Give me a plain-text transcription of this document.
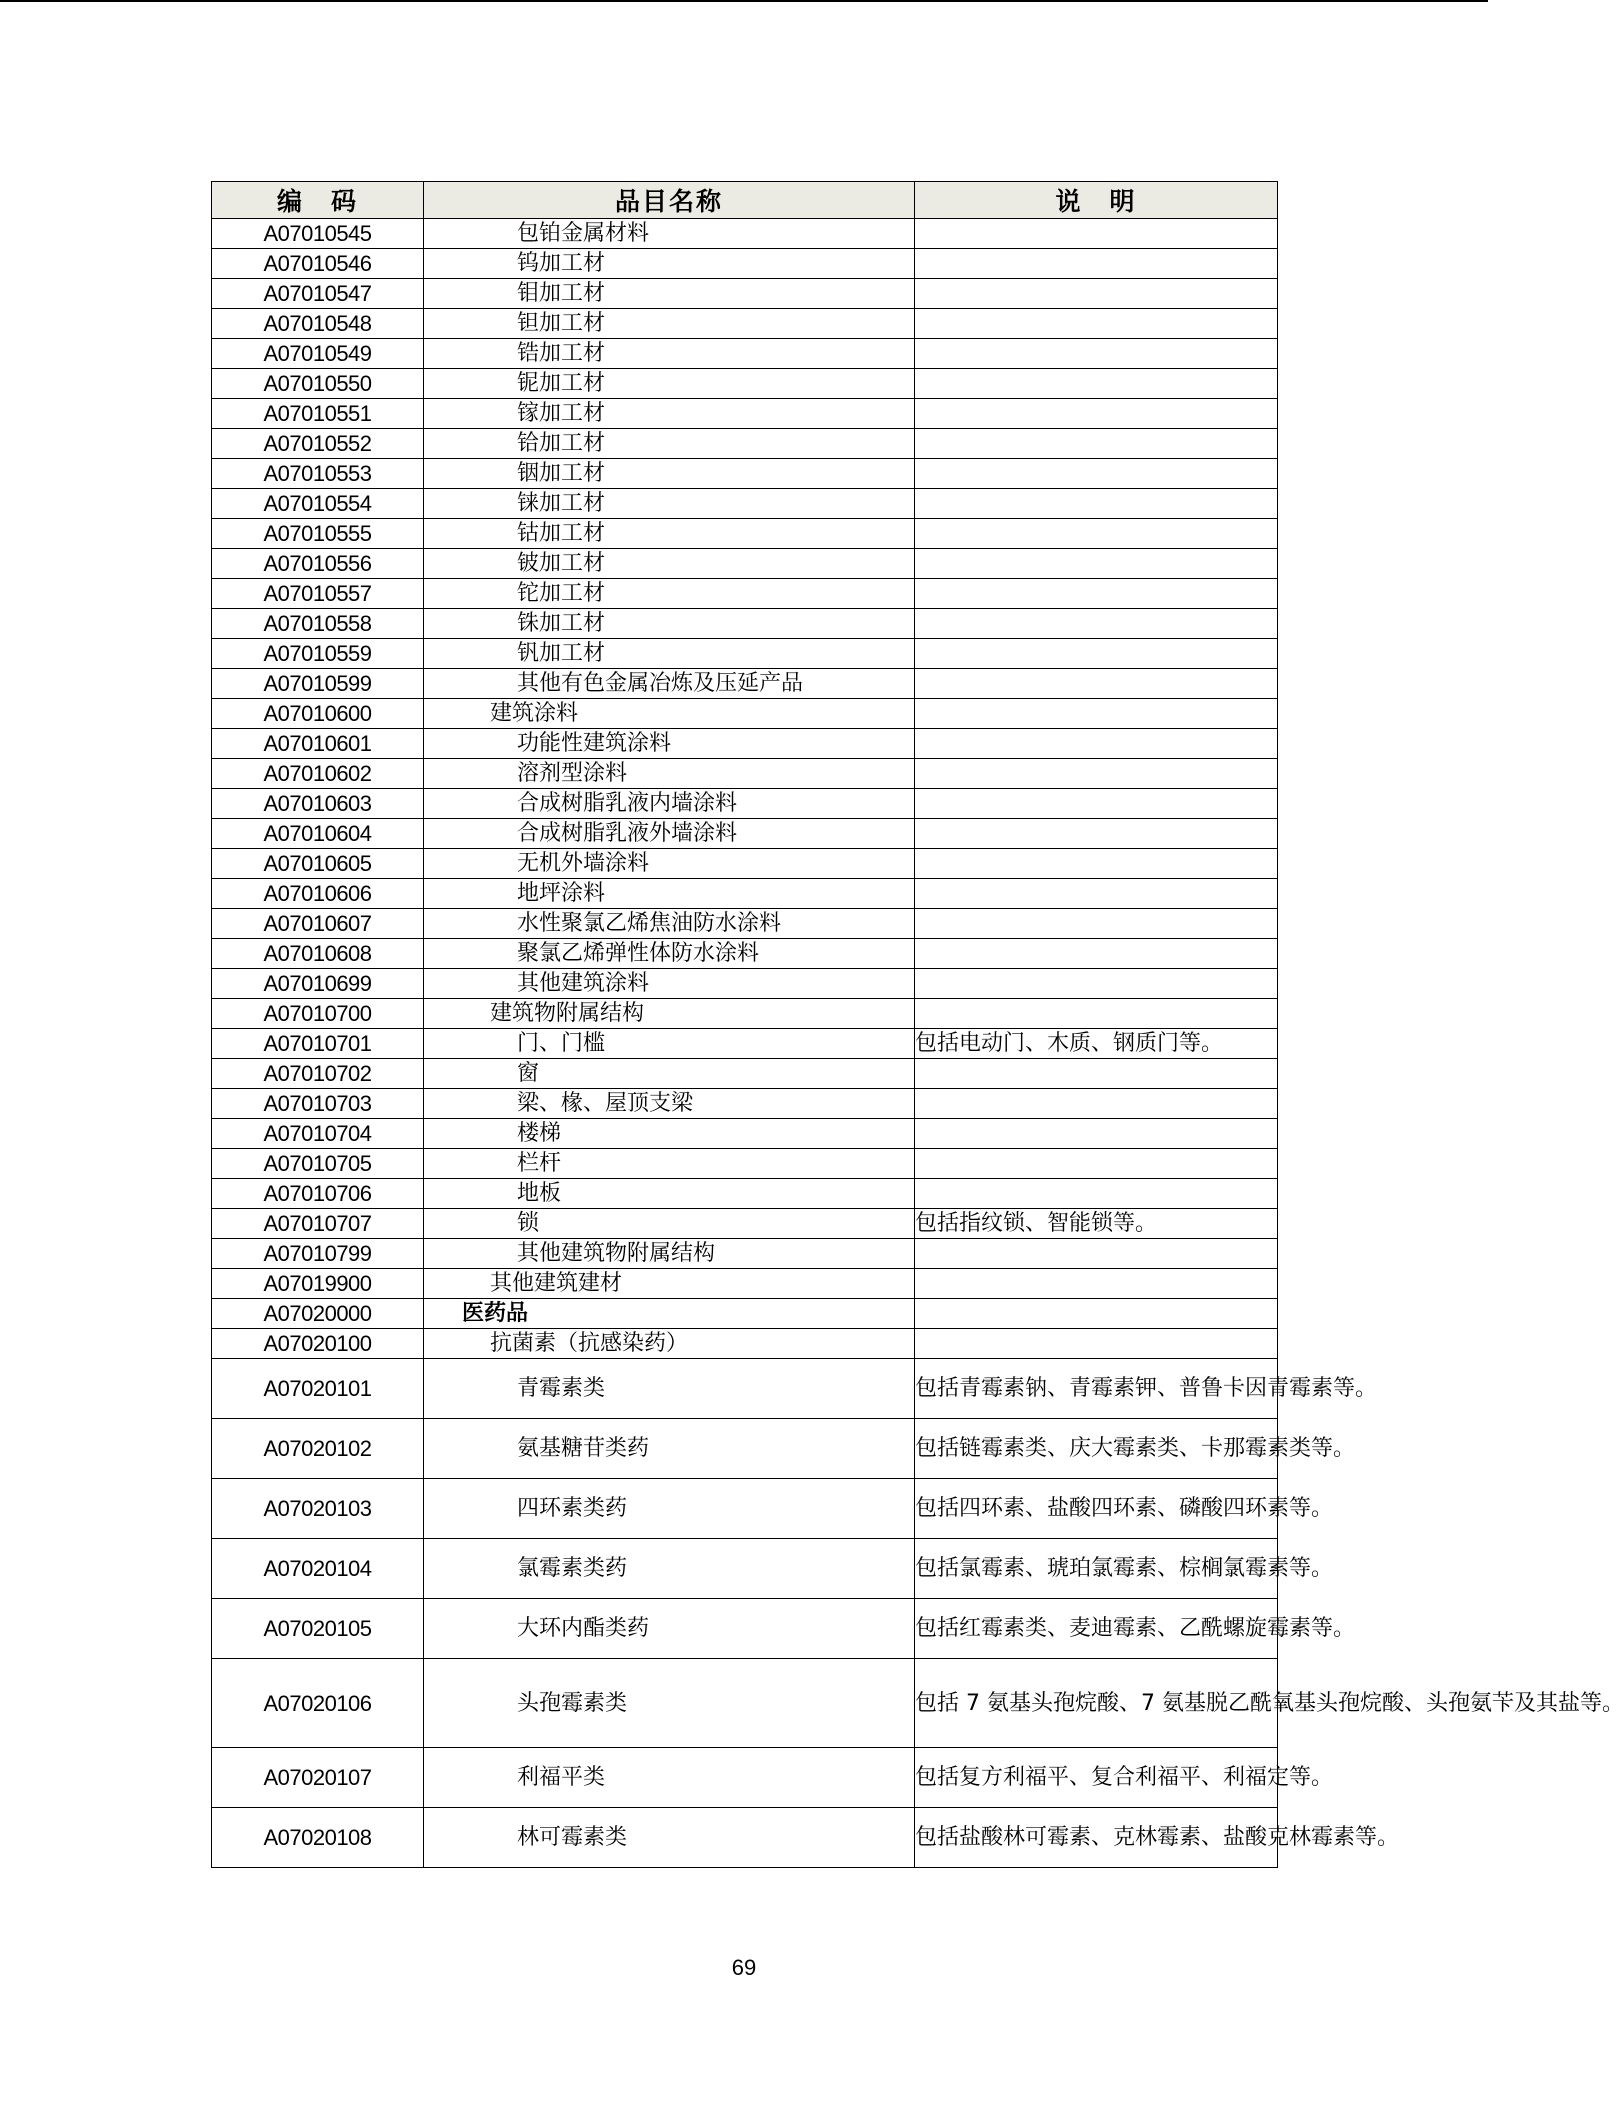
编　码	品目名称	说　明
A07010545	包铂金属材料	
A07010546	钨加工材	
A07010547	钼加工材	
A07010548	钽加工材	
A07010549	锆加工材	
A07010550	铌加工材	
A07010551	镓加工材	
A07010552	铪加工材	
A07010553	铟加工材	
A07010554	铼加工材	
A07010555	钴加工材	
A07010556	铍加工材	
A07010557	铊加工材	
A07010558	铢加工材	
A07010559	钒加工材	
A07010599	其他有色金属冶炼及压延产品	
A07010600	建筑涂料	
A07010601	功能性建筑涂料	
A07010602	溶剂型涂料	
A07010603	合成树脂乳液内墙涂料	
A07010604	合成树脂乳液外墙涂料	
A07010605	无机外墙涂料	
A07010606	地坪涂料	
A07010607	水性聚氯乙烯焦油防水涂料	
A07010608	聚氯乙烯弹性体防水涂料	
A07010699	其他建筑涂料	
A07010700	建筑物附属结构	
A07010701	门、门槛	包括电动门、木质、钢质门等。
A07010702	窗	
A07010703	梁、椽、屋顶支梁	
A07010704	楼梯	
A07010705	栏杆	
A07010706	地板	
A07010707	锁	包括指纹锁、智能锁等。
A07010799	其他建筑物附属结构	
A07019900	其他建筑建材	
A07020000	医药品	
A07020100	抗菌素（抗感染药）	
A07020101	青霉素类	包括青霉素钠、青霉素钾、普鲁卡因青霉素等。
A07020102	氨基糖苷类药	包括链霉素类、庆大霉素类、卡那霉素类等。
A07020103	四环素类药	包括四环素、盐酸四环素、磷酸四环素等。
A07020104	氯霉素类药	包括氯霉素、琥珀氯霉素、棕榈氯霉素等。
A07020105	大环内酯类药	包括红霉素类、麦迪霉素、乙酰螺旋霉素等。
A07020106	头孢霉素类	包括 7 氨基头孢烷酸、7 氨基脱乙酰氧基头孢烷酸、头孢氨苄及其盐等。
A07020107	利福平类	包括复方利福平、复合利福平、利福定等。
A07020108	林可霉素类	包括盐酸林可霉素、克林霉素、盐酸克林霉素等。
69
